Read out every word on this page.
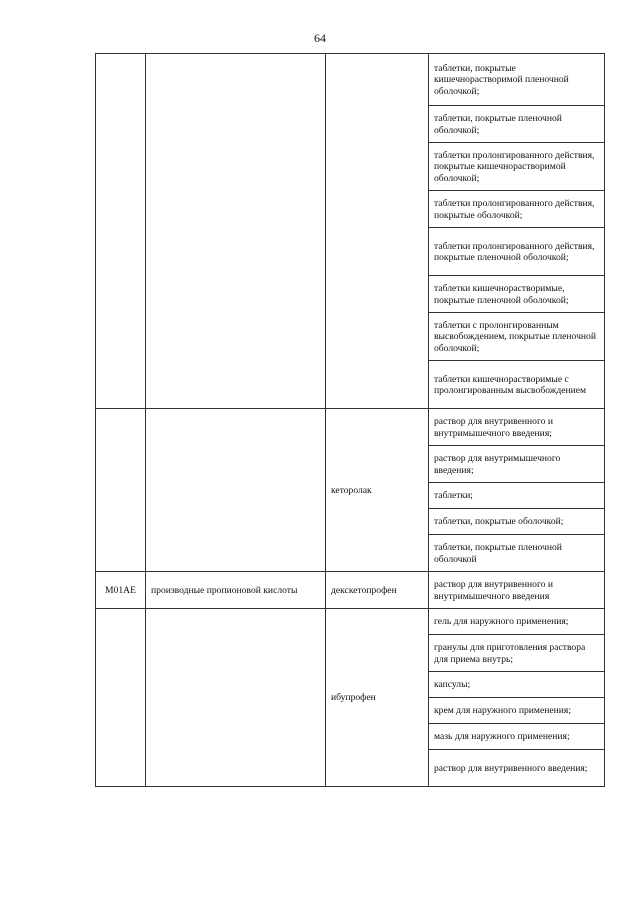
64
			таблетки, покрытые кишечнорастворимой пленочной оболочкой;
			таблетки, покрытые пленочной оболочкой;
			таблетки пролонгированного действия, покрытые кишечнорастворимой оболочкой;
			таблетки пролонгированного действия, покрытые оболочкой;
			таблетки пролонгированного действия, покрытые пленочной оболочкой;
			таблетки кишечнорастворимые, покрытые пленочной оболочкой;
			таблетки с пролонгированным высвобождением, покрытые пленочной оболочкой;
			таблетки кишечнорастворимые с пролонгированным высвобождением
		кеторолак	раствор для внутривенного и внутримышечного введения;
			раствор для внутримышечного введения;
			таблетки;
			таблетки, покрытые оболочкой;
			таблетки, покрытые пленочной оболочкой
M01AE	производные пропионовой кислоты	декскетопрофен	раствор для внутривенного и внутримышечного введения
		ибупрофен	гель для наружного применения;
			гранулы для приготовления раствора для приема внутрь;
			капсулы;
			крем для наружного применения;
			мазь для наружного применения;
			раствор для внутривенного введения;
